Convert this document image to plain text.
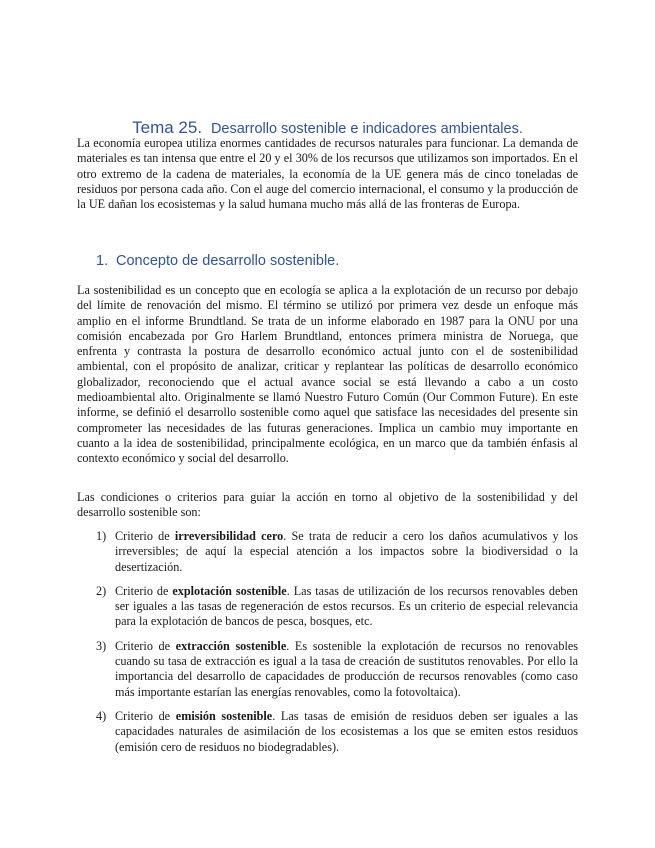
Tema 25. Desarrollo sostenible e indicadores ambientales.

La economía europea utiliza enormes cantidades de recursos naturales para funcionar. La demanda de materiales es tan intensa que entre el 20 y el 30% de los recursos que utilizamos son importados. En el otro extremo de la cadena de materiales, la economía de la UE genera más de cinco toneladas de residuos por persona cada año. Con el auge del comercio internacional, el consumo y la producción de la UE dañan los ecosistemas y la salud humana mucho más allá de las fronteras de Europa.

1. Concepto de desarrollo sostenible.

La sostenibilidad es un concepto que en ecología se aplica a la explotación de un recurso por debajo del límite de renovación del mismo. El término se utilizó por primera vez desde un enfoque más amplio en el informe Brundtland. Se trata de un informe elaborado en 1987 para la ONU por una comisión encabezada por Gro Harlem Brundtland, entonces primera ministra de Noruega, que enfrenta y contrasta la postura de desarrollo económico actual junto con el de sostenibilidad ambiental, con el propósito de analizar, criticar y replantear las políticas de desarrollo económico globalizador, reconociendo que el actual avance social se está llevando a cabo a un costo medioambiental alto. Originalmente se llamó Nuestro Futuro Común (Our Common Future). En este informe, se definió el desarrollo sostenible como aquel que satisface las necesidades del presente sin comprometer las necesidades de las futuras generaciones. Implica un cambio muy importante en cuanto a la idea de sostenibilidad, principalmente ecológica, en un marco que da también énfasis al contexto económico y social del desarrollo.

Las condiciones o criterios para guiar la acción en torno al objetivo de la sostenibilidad y del desarrollo sostenible son:

1) Criterio de irreversibilidad cero. Se trata de reducir a cero los daños acumulativos y los irreversibles; de aquí la especial atención a los impactos sobre la biodiversidad o la desertización.
2) Criterio de explotación sostenible. Las tasas de utilización de los recursos renovables deben ser iguales a las tasas de regeneración de estos recursos. Es un criterio de especial relevancia para la explotación de bancos de pesca, bosques, etc.
3) Criterio de extracción sostenible. Es sostenible la explotación de recursos no renovables cuando su tasa de extracción es igual a la tasa de creación de sustitutos renovables. Por ello la importancia del desarrollo de capacidades de producción de recursos renovables (como caso más importante estarían las energías renovables, como la fotovoltaica).
4) Criterio de emisión sostenible. Las tasas de emisión de residuos deben ser iguales a las capacidades naturales de asimilación de los ecosistemas a los que se emiten estos residuos (emisión cero de residuos no biodegradables).
